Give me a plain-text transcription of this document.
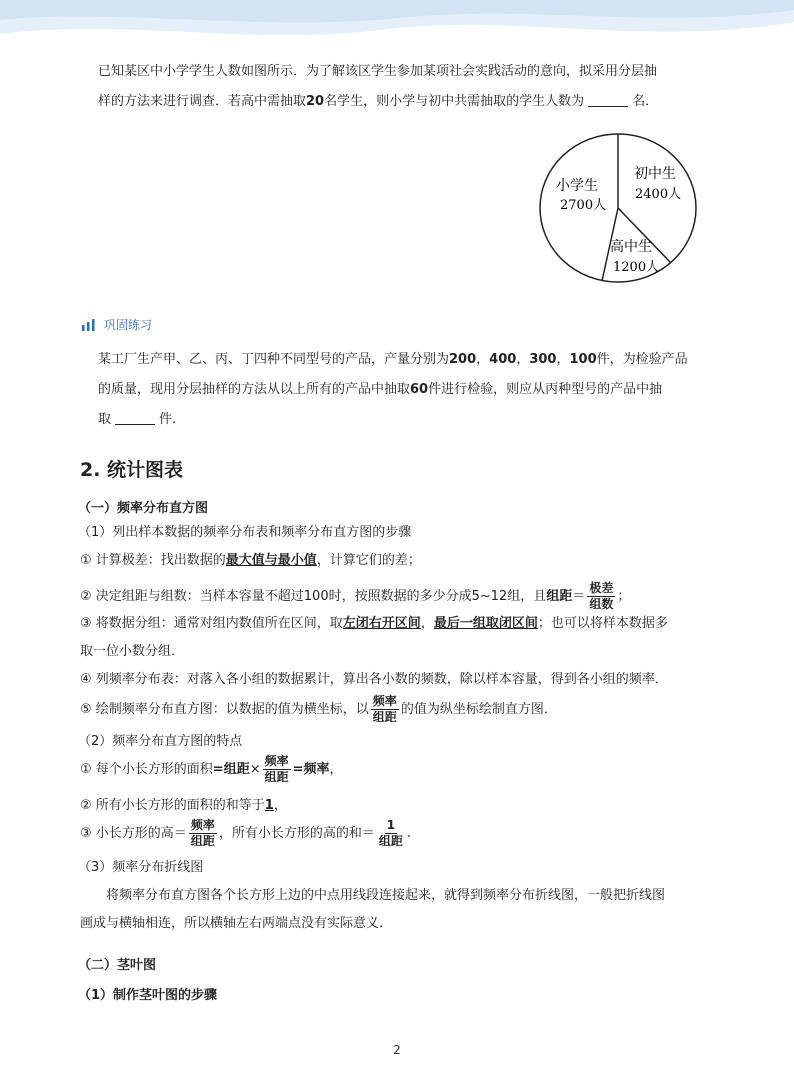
已知某区中小学学生人数如图所示．为了解该区学生参加某项社会实践活动的意向，拟采用分层抽
样的方法来进行调查．若高中需抽取20名学生，则小学与初中共需抽取的学生人数为	名．
小学生
2700人
初中生
2400人
高中生
1200人
巩固练习
某工厂生产甲、乙、丙、丁四种不同型号的产品，产量分别为200，400，300，100件，为检验产品
的质量，现用分层抽样的方法从以上所有的产品中抽取60件进行检验，则应从丙种型号的产品中抽
取	件．
2. 统计图表
（一）频率分布直方图
（1）列出样本数据的频率分布表和频率分布直方图的步骤
① 计算极差：找出数据的最大值与最小值，计算它们的差；
② 决定组距与组数：当样本容量不超过100时，按照数据的多少分成5~12组，且组距＝ $\frac{\text{极差}}{\text{组数}}$ ；
③ 将数据分组：通常对组内数值所在区间，取左闭右开区间，最后一组取闭区间；也可以将样本数据多
取一位小数分组．
④ 列频率分布表：对落入各小组的数据累计，算出各小数的频数，除以样本容量，得到各小组的频率．
⑤ 绘制频率分布直方图：以数据的值为横坐标，以 $\frac{\text{频率}}{\text{组距}}$ 的值为纵坐标绘制直方图．
（2）频率分布直方图的特点
① 每个小长方形的面积=组距× $\frac{\text{频率}}{\text{组距}}$ =频率，
② 所有小长方形的面积的和等于1，
③ 小长方形的高＝ $\frac{\text{频率}}{\text{组距}}$ ，所有小长方形的高的和＝ $\frac{1}{\text{组距}}$ .
（3）频率分布折线图
将频率分布直方图各个长方形上边的中点用线段连接起来，就得到频率分布折线图，一般把折线图
画成与横轴相连，所以横轴左右两端点没有实际意义．
（二）茎叶图
（1）制作茎叶图的步骤
2
